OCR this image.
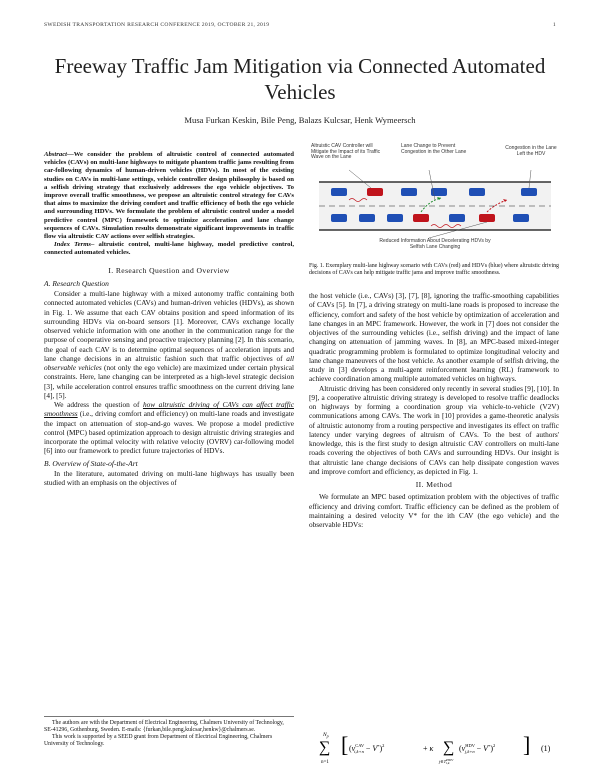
SWEDISH TRANSPORTATION RESEARCH CONFERENCE 2019, OCTOBER 21, 2019	1
Freeway Traffic Jam Mitigation via Connected Automated Vehicles
Musa Furkan Keskin, Bile Peng, Balazs Kulcsar, Henk Wymeersch
Abstract—We consider the problem of altruistic control of connected automated vehicles (CAVs) on multi-lane highways to mitigate phantom traffic jams resulting from car-following dynamics of human-driven vehicles (HDVs). In most of the existing studies on CAVs in multi-lane settings, vehicle controller design philosophy is based on a selfish driving strategy that exclusively addresses the ego vehicle objectives. To improve overall traffic smoothness, we propose an altruistic control strategy for CAVs that aims to maximize the driving comfort and traffic efficiency of both the ego vehicle and surrounding HDVs. We formulate the problem of altruistic control under a model predictive control (MPC) framework to optimize acceleration and lane change sequences of CAVs. Simulation results demonstrate significant improvements in traffic flow via altruistic CAV actions over selfish strategies.
Index Terms– altruistic control, multi-lane highway, model predictive control, connected automated vehicles.
I. Research Question and Overview
A. Research Question

Consider a multi-lane highway with a mixed autonomy traffic containing both connected automated vehicles (CAVs) and human-driven vehicles (HDVs), as shown in Fig. 1. We assume that each CAV obtains position and speed information of its surrounding HDVs via on-board sensors [1]. Moreover, CAVs exchange locally observed vehicle information with one another in the communication range for the purpose of cooperative sensing and proactive trajectory planning [2]. In this scenario, the goal of each CAV is to determine optimal sequences of acceleration inputs and lane change decisions in an altruistic fashion such that traffic objectives of all observable vehicles (not only the ego vehicle) are maximized under certain physical constraints. Here, lane changing can be interpreted as a high-level strategic decision [3], while acceleration control ensures traffic smoothness on the current driving lane [4], [5].

We address the question of how altruistic driving of CAVs can affect traffic smoothness (i.e., driving comfort and efficiency) on multi-lane roads and investigate the impact on attenuation of stop-and-go waves. We propose a model predictive control (MPC) based optimization approach to design altruistic driving strategies and incorporate the optimal velocity with relative velocity (OVRV) car-following model [6] into our framework to predict future trajectories of HDVs.

B. Overview of State-of-the-Art

In the literature, automated driving on multi-lane highways has usually been studied with an emphasis on the objectives of

The authors are with the Department of Electrical Engineering, Chalmers University of Technology, SE-41296, Gothenburg, Sweden. E-mails: {furkan,bile.peng,kulcsar,henkw}@chalmers.se.

This work is supported by a SEED grant from Department of Electrical Engineering, Chalmers University of Technology.

Altruistic CAV Controller will Mitigate the Impact of its Traffic Wave on the Lane
Lane Change to Prevent Congestion in the Other Lane
Congestion in the Lane Left the HDV
Reduced Information About Decelerating HDVs by Selfish Lane Changing
Fig. 1. Exemplary multi-lane highway scenario with CAVs (red) and HDVs (blue) where altruistic driving decisions of CAVs can help mitigate traffic jams and improve traffic smoothness.

the host vehicle (i.e., CAVs) [3], [7], [8], ignoring the traffic-smoothing capabilities of CAVs [5]. In [7], a driving strategy on multi-lane roads is proposed to increase the efficiency, comfort and safety of the host vehicle by optimization of acceleration and lane changes in an MPC framework. However, the work in [7] does not consider the objectives of the surrounding vehicles (i.e., selfish driving) and the impact of lane changing on attenuation of jamming waves. In [8], an MPC-based mixed-integer quadratic programming problem is formulated to optimize longitudinal velocity and lane change maneuvers of the host vehicle. As another example of selfish driving, the study in [3] develops a multi-agent reinforcement learning (RL) framework to achieve coordination among multiple automated vehicles on highways.

Altruistic driving has been considered only recently in several studies [9], [10]. In [9], a cooperative altruistic driving strategy is developed to resolve traffic deadlocks on highways by forming a coordination group via vehicle-to-vehicle (V2V) communications among CAVs. The work in [10] provides a game-theoretic analysis of altruistic autonomy from a routing perspective and investigates its effect on traffic latency under varying degrees of altruism of CAVs. To the best of authors' knowledge, this is the first study to design altruistic CAV controllers on multi-lane roads covering the objectives of both CAVs and surrounding HDVs. Our insight is that altruistic lane change decisions of CAVs can help dissipate congestion waves and improve comfort and efficiency, as depicted in Fig. 1.

II. Method

We formulate an MPC based optimization problem with the objectives of traffic efficiency and driving comfort. Traffic efficiency can be defined as the problem of maintaining a desired velocity V* for the ith CAV (the ego vehicle) and the observable HDVs:

$N_p$
∑
n=1
[ ($v^{CAV}$ i,k+n − V*)$^2$	+ κ ∑
$j\in T^{HDV}$ i,k
($v^{HDV}$ j,k+n − V*)$^2$ ] (1)
